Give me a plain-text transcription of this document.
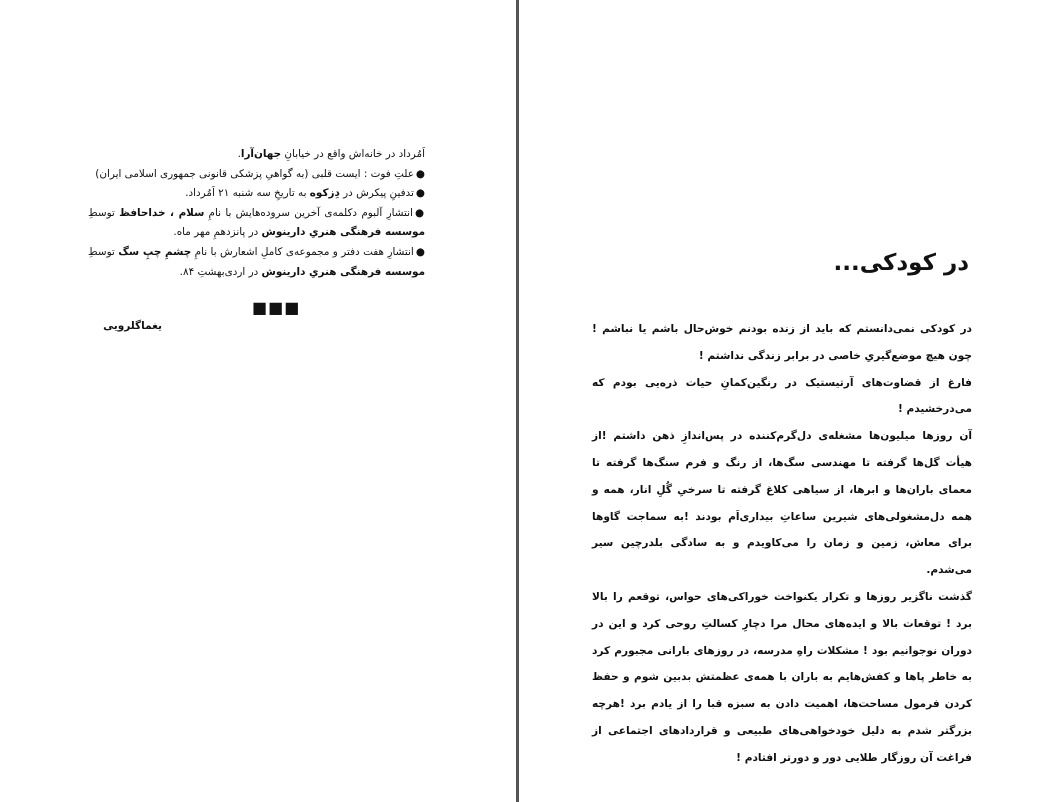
اَمُرداد در خانه‌اش واقع در خیابانِ جهان‌آرا.

●علتِ فوت : ایست قلبی (به گواهیِ پزشکی قانونی جمهوری اسلامی ایران)

●تدفینِ پیکرش در دِزکوه به تاریخِ سه شنبه ۲۱ اَمُرداد.

●انتشارِ آلبوم دکلمه‌ی آخرین سروده‌هایش با نامِ سلام ، خداحافظ توسطِ موسسه فرهنگی هنریِ دارینوش در پانزدهمِ مهر ماه.

●انتشارِ هفت دفتر و مجموعه‌ی کاملِ اشعارش با نامِ چشمِ چپِ سگ توسطِ موسسه فرهنگی هنریِ دارینوش در اردی‌بهشتِ ۸۴.

■■■
یغماگلرویی
در کودکی...

در کودکی نمی‌دانستم که باید از زنده بودنم خوش‌حال باشم یا نباشم !چون هیچ موضع‌گیریِ خاصی در برابر زندگی نداشتم !

فارغ از قضاوت‌های آرتیستیک در رنگین‌کمانِ حیات ذره‌یی بودم که می‌درخشیدم !

آن روزها میلیون‌ها مشغله‌ی دل‌گرم‌کننده در پس‌اندازِ ذهن داشتم !از هیأت گل‌ها گرفته تا مهندسی سگ‌ها، از رنگ و فرم سنگ‌ها گرفته تا معمای باران‌ها و ابرها، از سیاهی کلاغ گرفته تا سرخیِ گُلِ انار، همه و همه دل‌مشغولی‌های شیرین ساعاتِ بیداری‌اَم بودند !به سماجت گاوها برای معاش، زمین و زمان را می‌کاویدم و به سادگی بلدرچین سیر می‌شدم.

گذشت ناگزیر روزها و تکرار یکنواخت خوراکی‌های حواس، توقعم را بالا برد ! توقعات بالا و ایده‌های محال مرا دچارِ کسالتِ روحی کرد و این در دوران نوجوانیم بود ! مشکلات راهِ مدرسه، در روزهای بارانی مجبورم کرد به خاطر پاها و کفش‌هایم به باران با همه‌ی عظمتش بدبین شوم و حفظ کردن فرمول مساحت‌ها، اهمیت دادن به سبزه قبا را از یادم برد !هرچه بزرگتر شدم به دلیل خودخواهی‌های طبیعی و قراردادهای اجتماعی از فراغت آن روزگار طلایی دور و دورتر افتادم !
